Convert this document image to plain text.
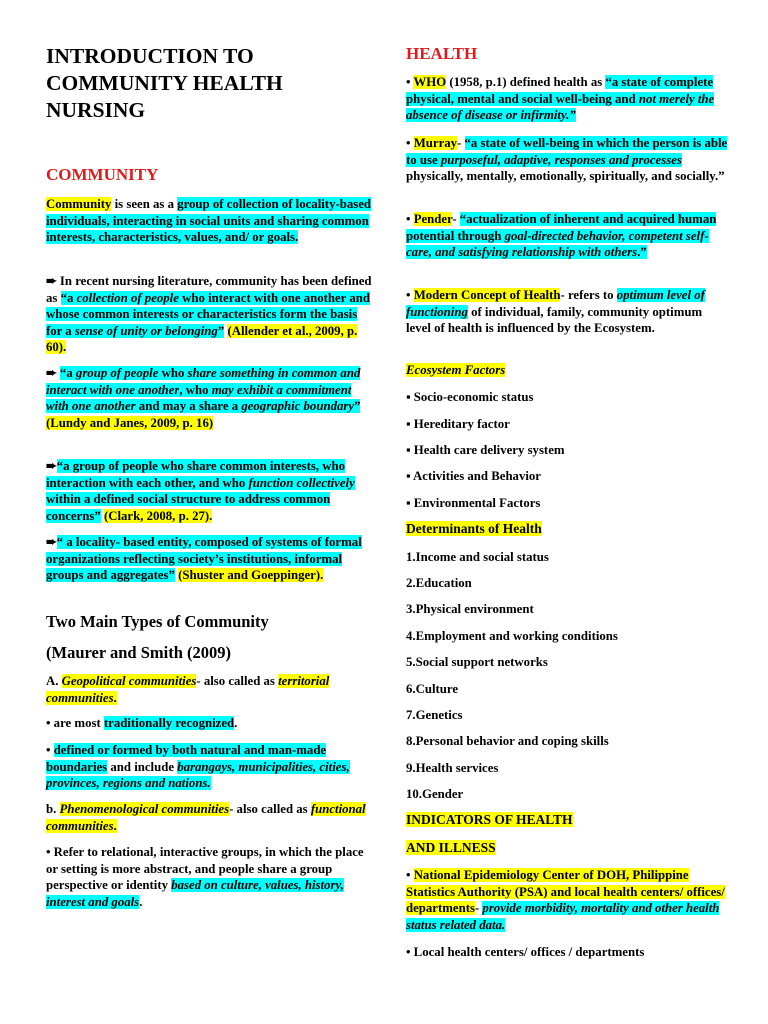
INTRODUCTION TO
COMMUNITY HEALTH
NURSING
COMMUNITY

Community is seen as a group of collection of locality-based individuals, interacting in social units and sharing common interests, characteristics, values, and/ or goals.

➨ In recent nursing literature, community has been defined as “a collection of people who interact with one another and whose common interests or characteristics form the basis for a sense of unity or belonging” (Allender et al., 2009, p. 60).

➨ “a group of people who share something in common and interact with one another, who may exhibit a commitment with one another and may a share a geographic boundary” (Lundy and Janes, 2009, p. 16)

➨“a group of people who share common interests, who interaction with each other, and who function collectively within a defined social structure to address common concerns” (Clark, 2008, p. 27).

➨“ a locality- based entity, composed of systems of formal organizations reflecting society’s institutions, informal groups and aggregates” (Shuster and Goeppinger).

Two Main Types of Community
(Maurer and Smith (2009)

A. Geopolitical communities- also called as territorial communities.

• are most traditionally recognized.

• defined or formed by both natural and man-made boundaries and include barangays, municipalities, cities, provinces, regions and nations.

b. Phenomenological communities- also called as functional communities.

• Refer to relational, interactive groups, in which the place or setting is more abstract, and people share a group perspective or identity based on culture, values, history, interest and goals.

HEALTH

• WHO (1958, p.1) defined health as “a state of complete physical, mental and social well-being and not merely the absence of disease or infirmity.”

• Murray- “a state of well-being in which the person is able to use purposeful, adaptive, responses and processes physically, mentally, emotionally, spiritually, and socially.”

• Pender- “actualization of inherent and acquired human potential through goal-directed behavior, competent self-care, and satisfying relationship with others.”

• Modern Concept of Health- refers to optimum level of functioning of individual, family, community optimum level of health is influenced by the Ecosystem.

Ecosystem Factors

▪ Socio-economic status

▪ Hereditary factor

▪ Health care delivery system

▪ Activities and Behavior

▪ Environmental Factors

Determinants of Health

1.Income and social status

2.Education

3.Physical environment

4.Employment and working conditions

5.Social support networks

6.Culture

7.Genetics

8.Personal behavior and coping skills

9.Health services

10.Gender

INDICATORS OF HEALTH

AND ILLNESS

• National Epidemiology Center of DOH, Philippine Statistics Authority (PSA) and local health centers/ offices/ departments- provide morbidity, mortality and other health status related data.

• Local health centers/ offices / departments
